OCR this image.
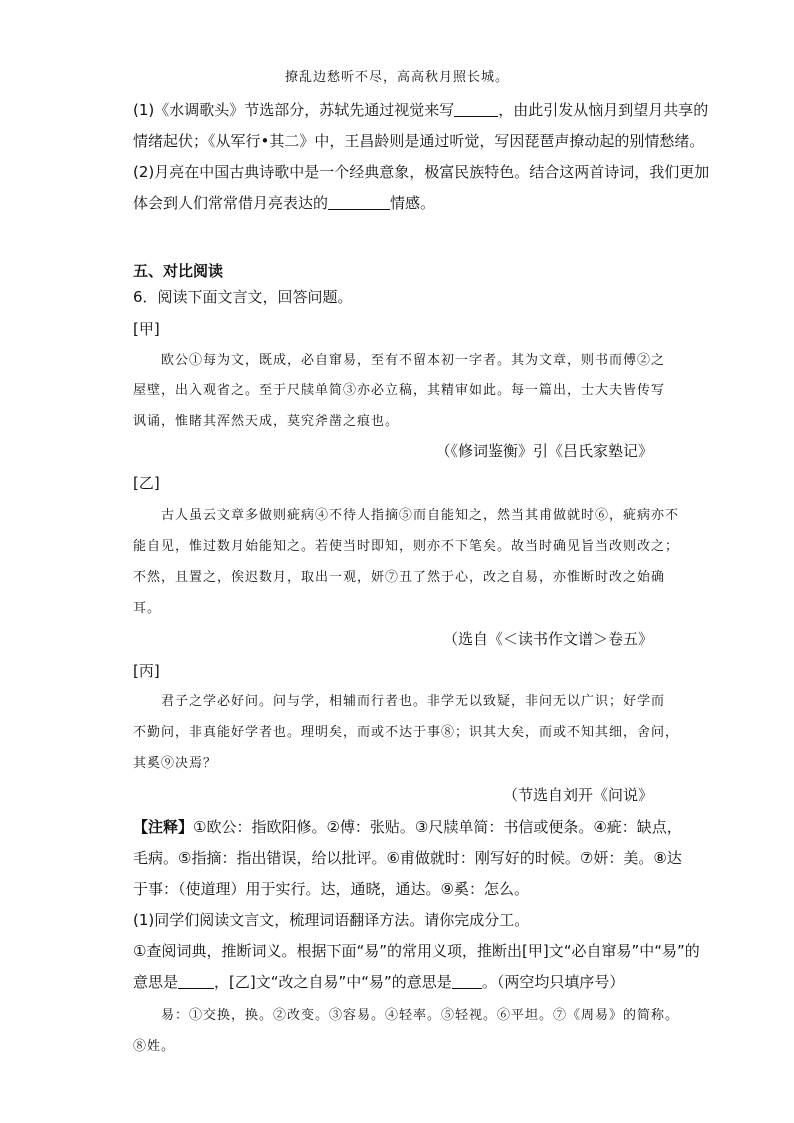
撩乱边愁听不尽，高高秋月照长城。
(1)《水调歌头》节选部分，苏轼先通过视觉来写	，由此引发从恼月到望月共享的
情绪起伏；《从军行•其二》中，王昌龄则是通过听觉，写因琵琶声撩动起的别情愁绪。
(2)月亮在中国古典诗歌中是一个经典意象，极富民族特色。结合这两首诗词，我们更加
体会到人们常常借月亮表达的	情感。
五、对比阅读
6．阅读下面文言文，回答问题。
[甲]
欧公①每为文，既成，必自窜易，至有不留本初一字者。其为文章，则书而傅②之
屋壁，出入观省之。至于尺牍单简③亦必立稿，其精审如此。每一篇出，士大夫皆传写
讽诵，惟睹其浑然天成，莫究斧凿之痕也。
（《修词鉴衡》引《吕氏家塾记》
[乙]
古人虽云文章多做则疵病④不待人指摘⑤而自能知之，然当其甫做就时⑥，疵病亦不
能自见，惟过数月始能知之。若使当时即知，则亦不下笔矣。故当时确见旨当改则改之；
不然，且置之，俟迟数月，取出一观，妍⑦丑了然于心，改之自易，亦惟断时改之始确
耳。
（选自《＜读书作文谱＞卷五》
[丙]
君子之学必好问。问与学，相辅而行者也。非学无以致疑，非问无以广识；好学而
不勤问，非真能好学者也。理明矣，而或不达于事⑧；识其大矣，而或不知其细，舍问，
其奚⑨决焉？
（节选自刘开《问说》
【注释】①欧公：指欧阳修。②傅：张贴。③尺牍单简：书信或便条。④疵：缺点，
毛病。⑤指摘：指出错误，给以批评。⑥甫做就时：刚写好的时候。⑦妍：美。⑧达
于事：（使道理）用于实行。达，通晓，通达。⑨奚：怎么。
(1)同学们阅读文言文，梳理词语翻译方法。请你完成分工。
①查阅词典，推断词义。根据下面“易”的常用义项，推断出[甲]文“必自窜易”中“易”的
意思是 ，[乙]文“改之自易”中“易”的意思是 。（两空均只填序号）
易：①交换，换。②改变。③容易。④轻率。⑤轻视。⑥平坦。⑦《周易》的简称。
⑧姓。
